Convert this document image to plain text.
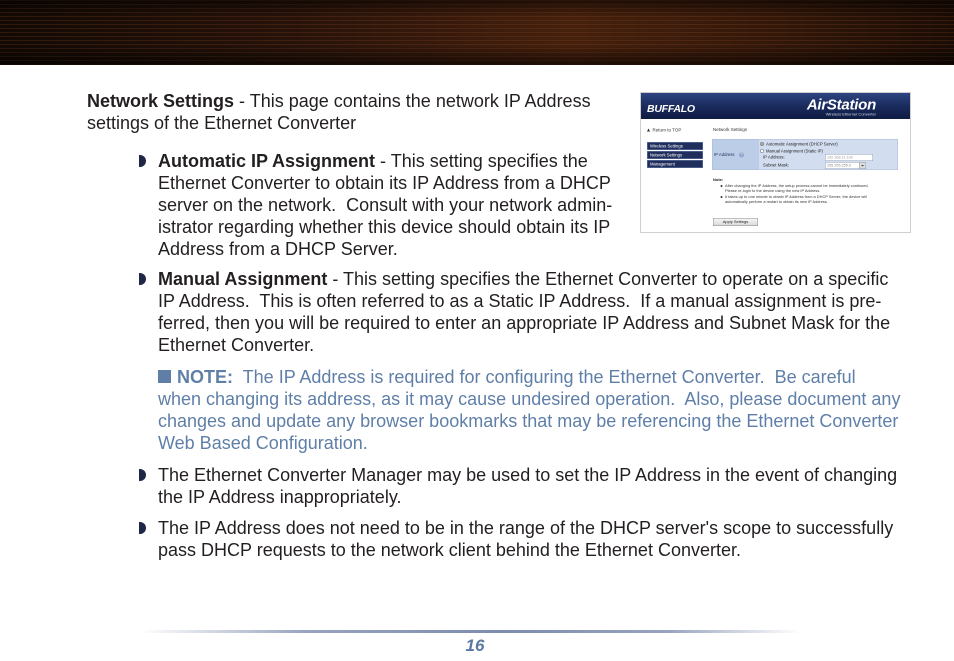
Network Settings - This page contains the network IP Address
settings of the Ethernet Converter
Automatic IP Assignment - This setting specifies the
Ethernet Converter to obtain its IP Address from a DHCP
server on the network.  Consult with your network admin-
istrator regarding whether this device should obtain its IP
Address from a DHCP Server.
Manual Assignment - This setting specifies the Ethernet Converter to operate on a specific
IP Address.  This is often referred to as a Static IP Address.  If a manual assignment is pre-
ferred, then you will be required to enter an appropriate IP Address and Subnet Mask for the
Ethernet Converter.
NOTE:  The IP Address is required for configuring the Ethernet Converter.  Be careful
when changing its address, as it may cause undesired operation.  Also, please document any
changes and update any browser bookmarks that may be referencing the Ethernet Converter
Web Based Configuration.
The Ethernet Converter Manager may be used to set the IP Address in the event of changing
the IP Address inappropriately.
The IP Address does not need to be in the range of the DHCP server's scope to successfully
pass DHCP requests to the network client behind the Ethernet Converter.
BUFFALO	AirStation
Wireless Ethernet Converter
Return to TOP	Network Settings
Wireless Settings
Network Settings
Management
IP Address ?
Automatic Assignment (DHCP Server)
Manual Assignment (Static IP)
IP Address:	192.168.11.100
Subnet Mask:	255.255.255.0
Note:
After changing the IP Address, the setup process cannot be immediately continued.
Please re-login to the device using the new IP Address.
It takes up to one minute to obtain IP Address from a DHCP Server; the device will
automatically perform a restart to obtain its new IP Address.
Apply Settings
16
